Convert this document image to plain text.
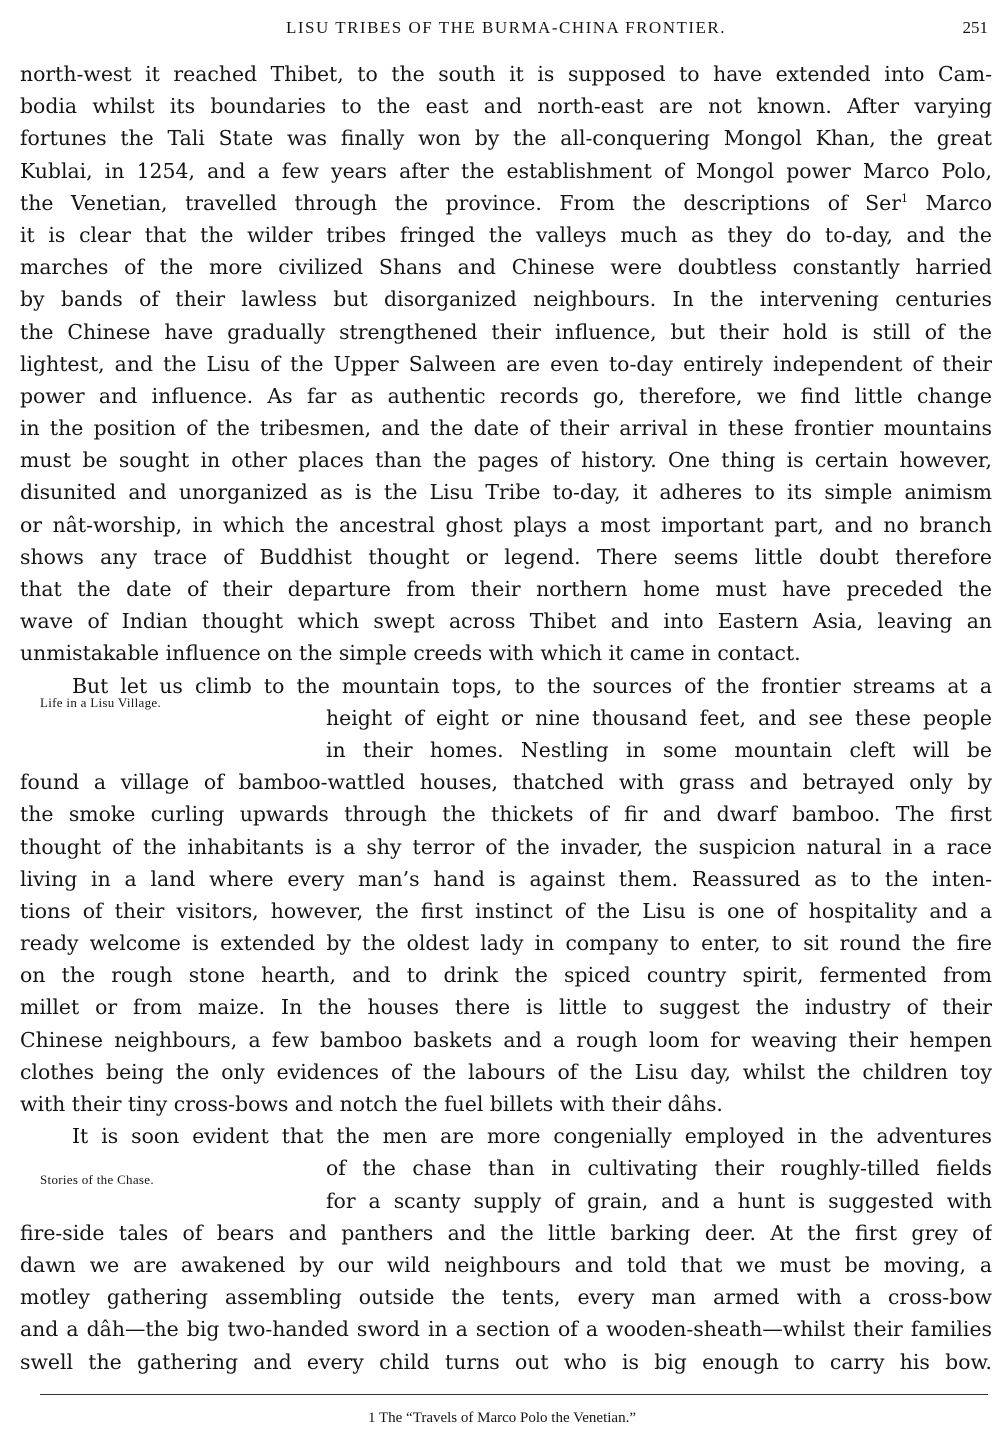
LISU TRIBES OF THE BURMA-CHINA FRONTIER.	251
Life in a Lisu Village.
Stories of the Chase.
north-west it reached Thibet, to the south it is supposed to have extended into Cam-
bodia whilst its boundaries to the east and north-east are not known. After varying
fortunes the Tali State was finally won by the all-conquering Mongol Khan, the great
Kublai, in 1254, and a few years after the establishment of Mongol power Marco Polo,
the Venetian, travelled through the province. From the descriptions of Ser$^1$ Marco
it is clear that the wilder tribes fringed the valleys much as they do to-day, and the
marches of the more civilized Shans and Chinese were doubtless constantly harried
by bands of their lawless but disorganized neighbours. In the intervening centuries
the Chinese have gradually strengthened their influence, but their hold is still of the
lightest, and the Lisu of the Upper Salween are even to-day entirely independent of their
power and influence. As far as authentic records go, therefore, we find little change
in the position of the tribesmen, and the date of their arrival in these frontier mountains
must be sought in other places than the pages of history. One thing is certain however,
disunited and unorganized as is the Lisu Tribe to-day, it adheres to its simple animism
or nât-worship, in which the ancestral ghost plays a most important part, and no branch
shows any trace of Buddhist thought or legend. There seems little doubt therefore
that the date of their departure from their northern home must have preceded the
wave of Indian thought which swept across Thibet and into Eastern Asia, leaving an
unmistakable influence on the simple creeds with which it came in contact.
But let us climb to the mountain tops, to the sources of the frontier streams at a
height of eight or nine thousand feet, and see these people
in their homes. Nestling in some mountain cleft will be
found a village of bamboo-wattled houses, thatched with grass and betrayed only by
the smoke curling upwards through the thickets of fir and dwarf bamboo. The first
thought of the inhabitants is a shy terror of the invader, the suspicion natural in a race
living in a land where every man’s hand is against them. Reassured as to the inten-
tions of their visitors, however, the first instinct of the Lisu is one of hospitality and a
ready welcome is extended by the oldest lady in company to enter, to sit round the fire
on the rough stone hearth, and to drink the spiced country spirit, fermented from
millet or from maize. In the houses there is little to suggest the industry of their
Chinese neighbours, a few bamboo baskets and a rough loom for weaving their hempen
clothes being the only evidences of the labours of the Lisu day, whilst the children toy
with their tiny cross-bows and notch the fuel billets with their dâhs.
It is soon evident that the men are more congenially employed in the adventures
of the chase than in cultivating their roughly-tilled fields
for a scanty supply of grain, and a hunt is suggested with
fire-side tales of bears and panthers and the little barking deer. At the first grey of
dawn we are awakened by our wild neighbours and told that we must be moving, a
motley gathering assembling outside the tents, every man armed with a cross-bow
and a dâh—the big two-handed sword in a section of a wooden-sheath—whilst their families
swell the gathering and every child turns out who is big enough to carry his bow.
1 The “Travels of Marco Polo the Venetian.”
